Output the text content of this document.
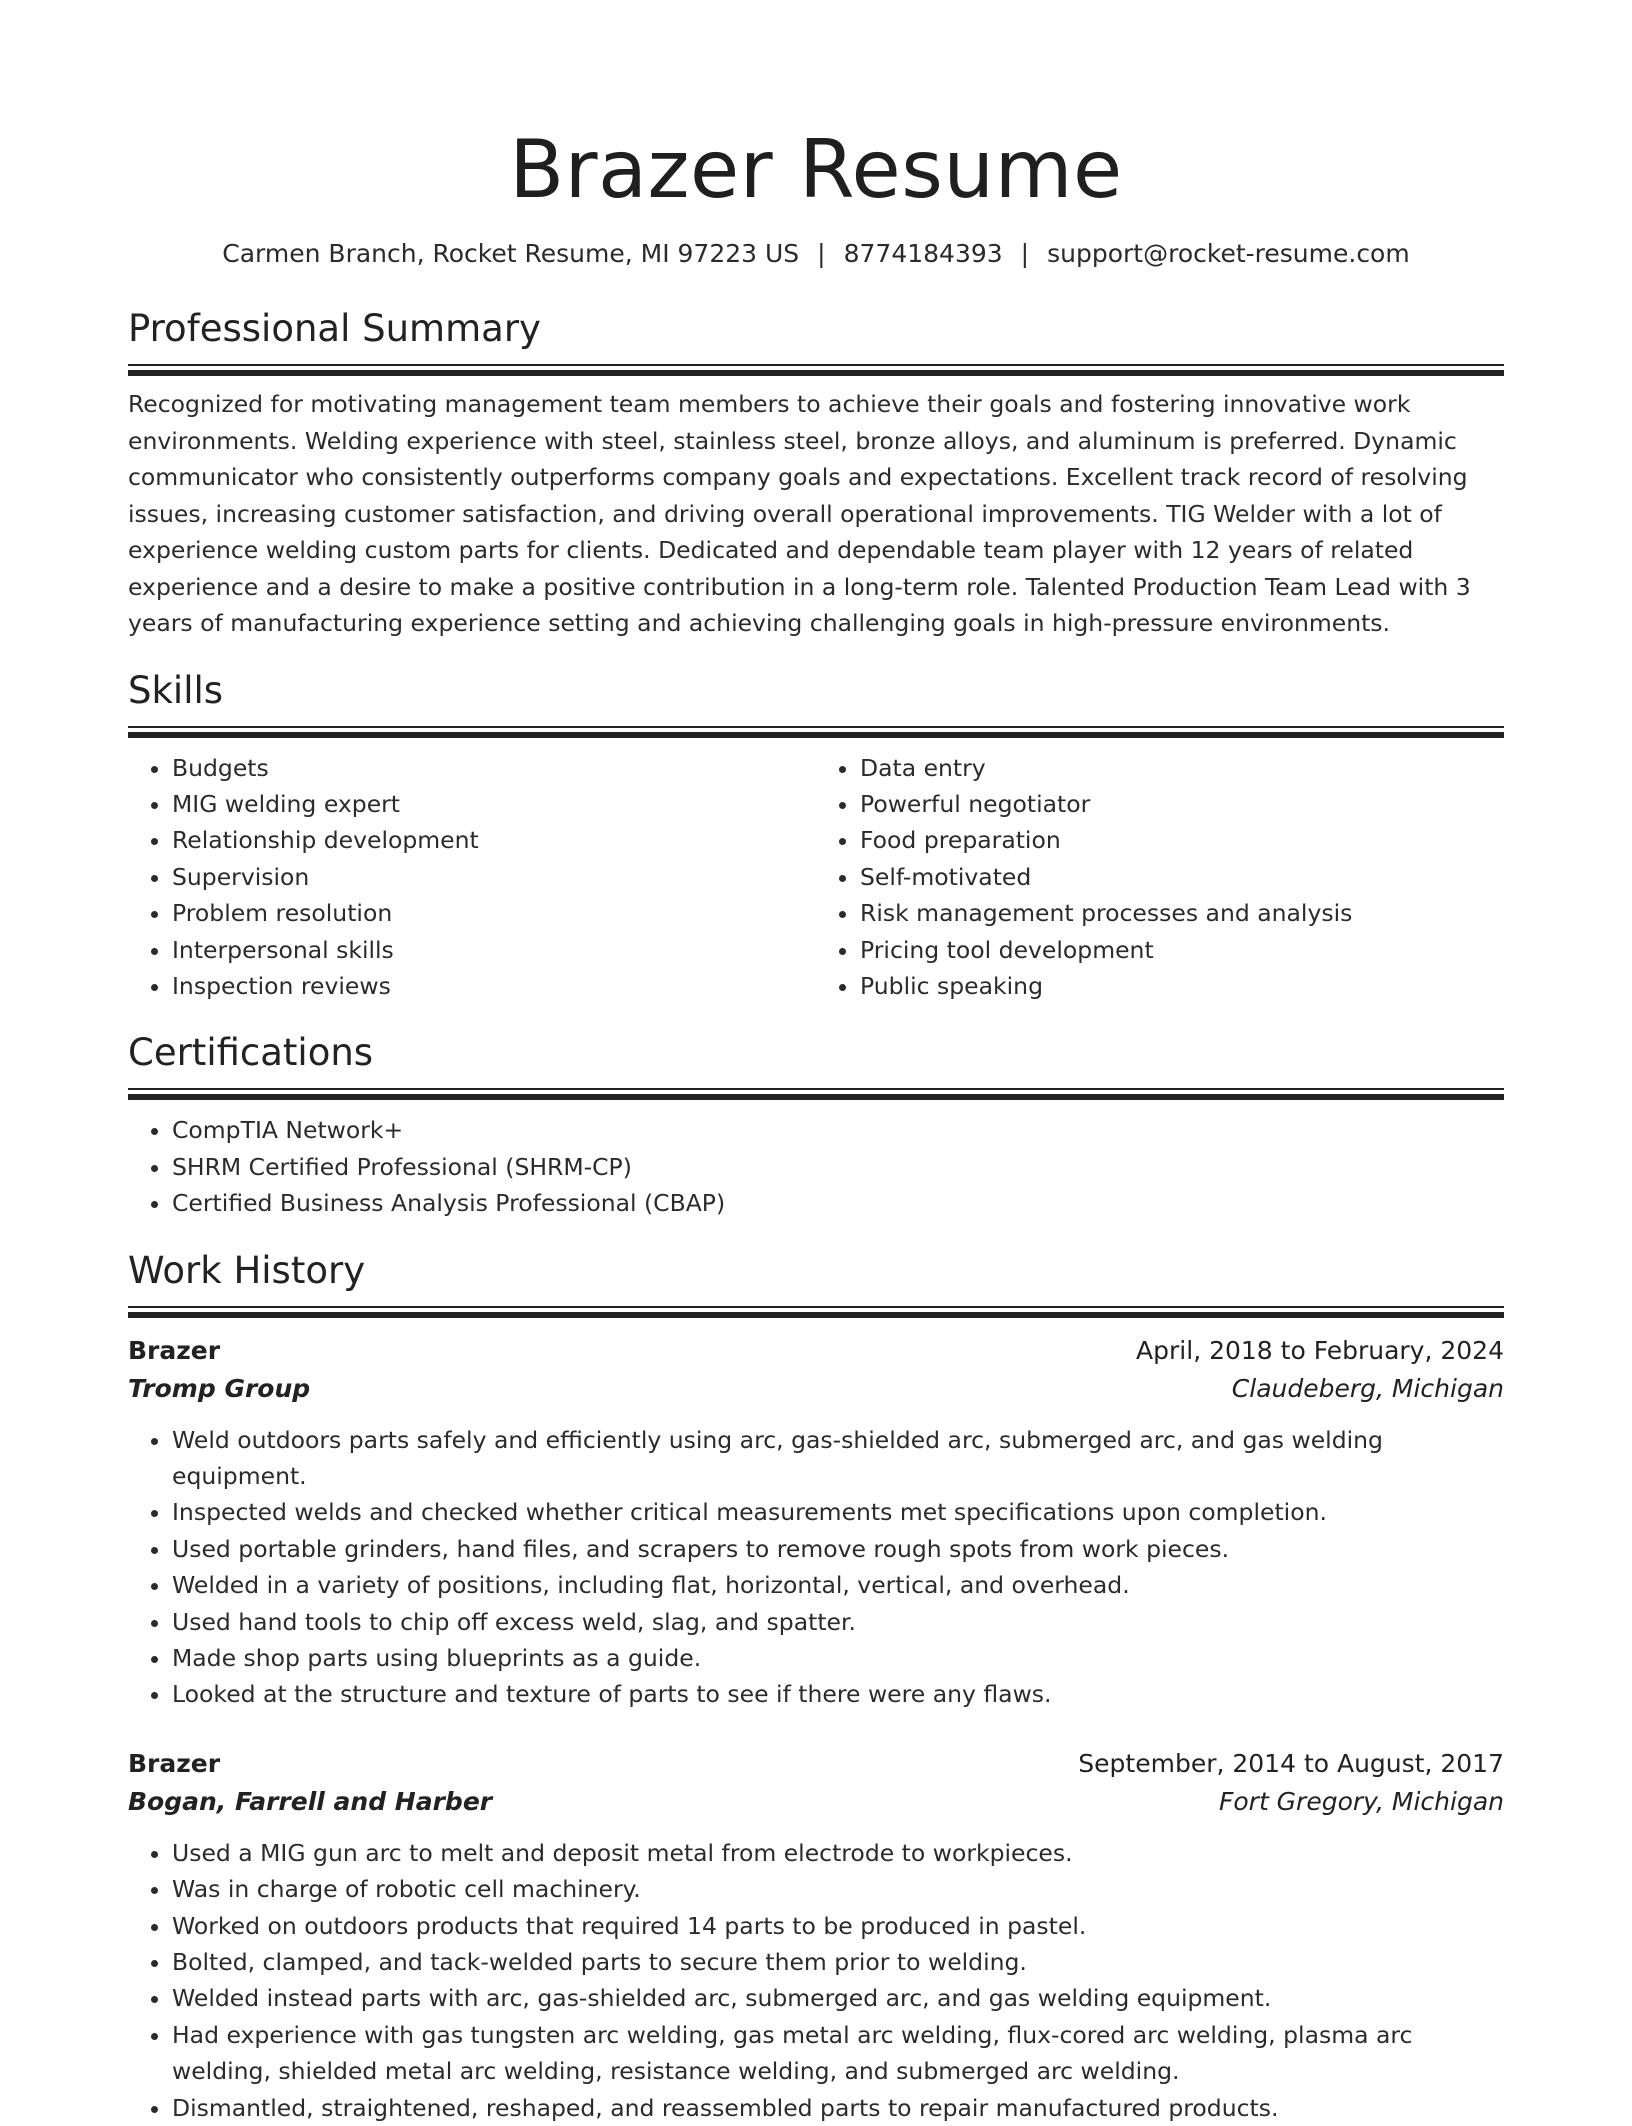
Brazer Resume
Carmen Branch, Rocket Resume, MI 97223 US | 8774184393 | support@rocket-resume.com
Professional Summary
Recognized for motivating management team members to achieve their goals and fostering innovative work environments. Welding experience with steel, stainless steel, bronze alloys, and aluminum is preferred. Dynamic communicator who consistently outperforms company goals and expectations. Excellent track record of resolving issues, increasing customer satisfaction, and driving overall operational improvements. TIG Welder with a lot of experience welding custom parts for clients. Dedicated and dependable team player with 12 years of related experience and a desire to make a positive contribution in a long-term role. Talented Production Team Lead with 3 years of manufacturing experience setting and achieving challenging goals in high-pressure environments.
Skills
• Budgets
• MIG welding expert
• Relationship development
• Supervision
• Problem resolution
• Interpersonal skills
• Inspection reviews
• Data entry
• Powerful negotiator
• Food preparation
• Self-motivated
• Risk management processes and analysis
• Pricing tool development
• Public speaking
Certifications
• CompTIA Network+
• SHRM Certified Professional (SHRM-CP)
• Certified Business Analysis Professional (CBAP)
Work History
Brazer	April, 2018 to February, 2024
Tromp Group	Claudeberg, Michigan
• Weld outdoors parts safely and efficiently using arc, gas-shielded arc, submerged arc, and gas welding equipment.
• Inspected welds and checked whether critical measurements met specifications upon completion.
• Used portable grinders, hand files, and scrapers to remove rough spots from work pieces.
• Welded in a variety of positions, including flat, horizontal, vertical, and overhead.
• Used hand tools to chip off excess weld, slag, and spatter.
• Made shop parts using blueprints as a guide.
• Looked at the structure and texture of parts to see if there were any flaws.
Brazer	September, 2014 to August, 2017
Bogan, Farrell and Harber	Fort Gregory, Michigan
• Used a MIG gun arc to melt and deposit metal from electrode to workpieces.
• Was in charge of robotic cell machinery.
• Worked on outdoors products that required 14 parts to be produced in pastel.
• Bolted, clamped, and tack-welded parts to secure them prior to welding.
• Welded instead parts with arc, gas-shielded arc, submerged arc, and gas welding equipment.
• Had experience with gas tungsten arc welding, gas metal arc welding, flux-cored arc welding, plasma arc welding, shielded metal arc welding, resistance welding, and submerged arc welding.
• Dismantled, straightened, reshaped, and reassembled parts to repair manufactured products.
